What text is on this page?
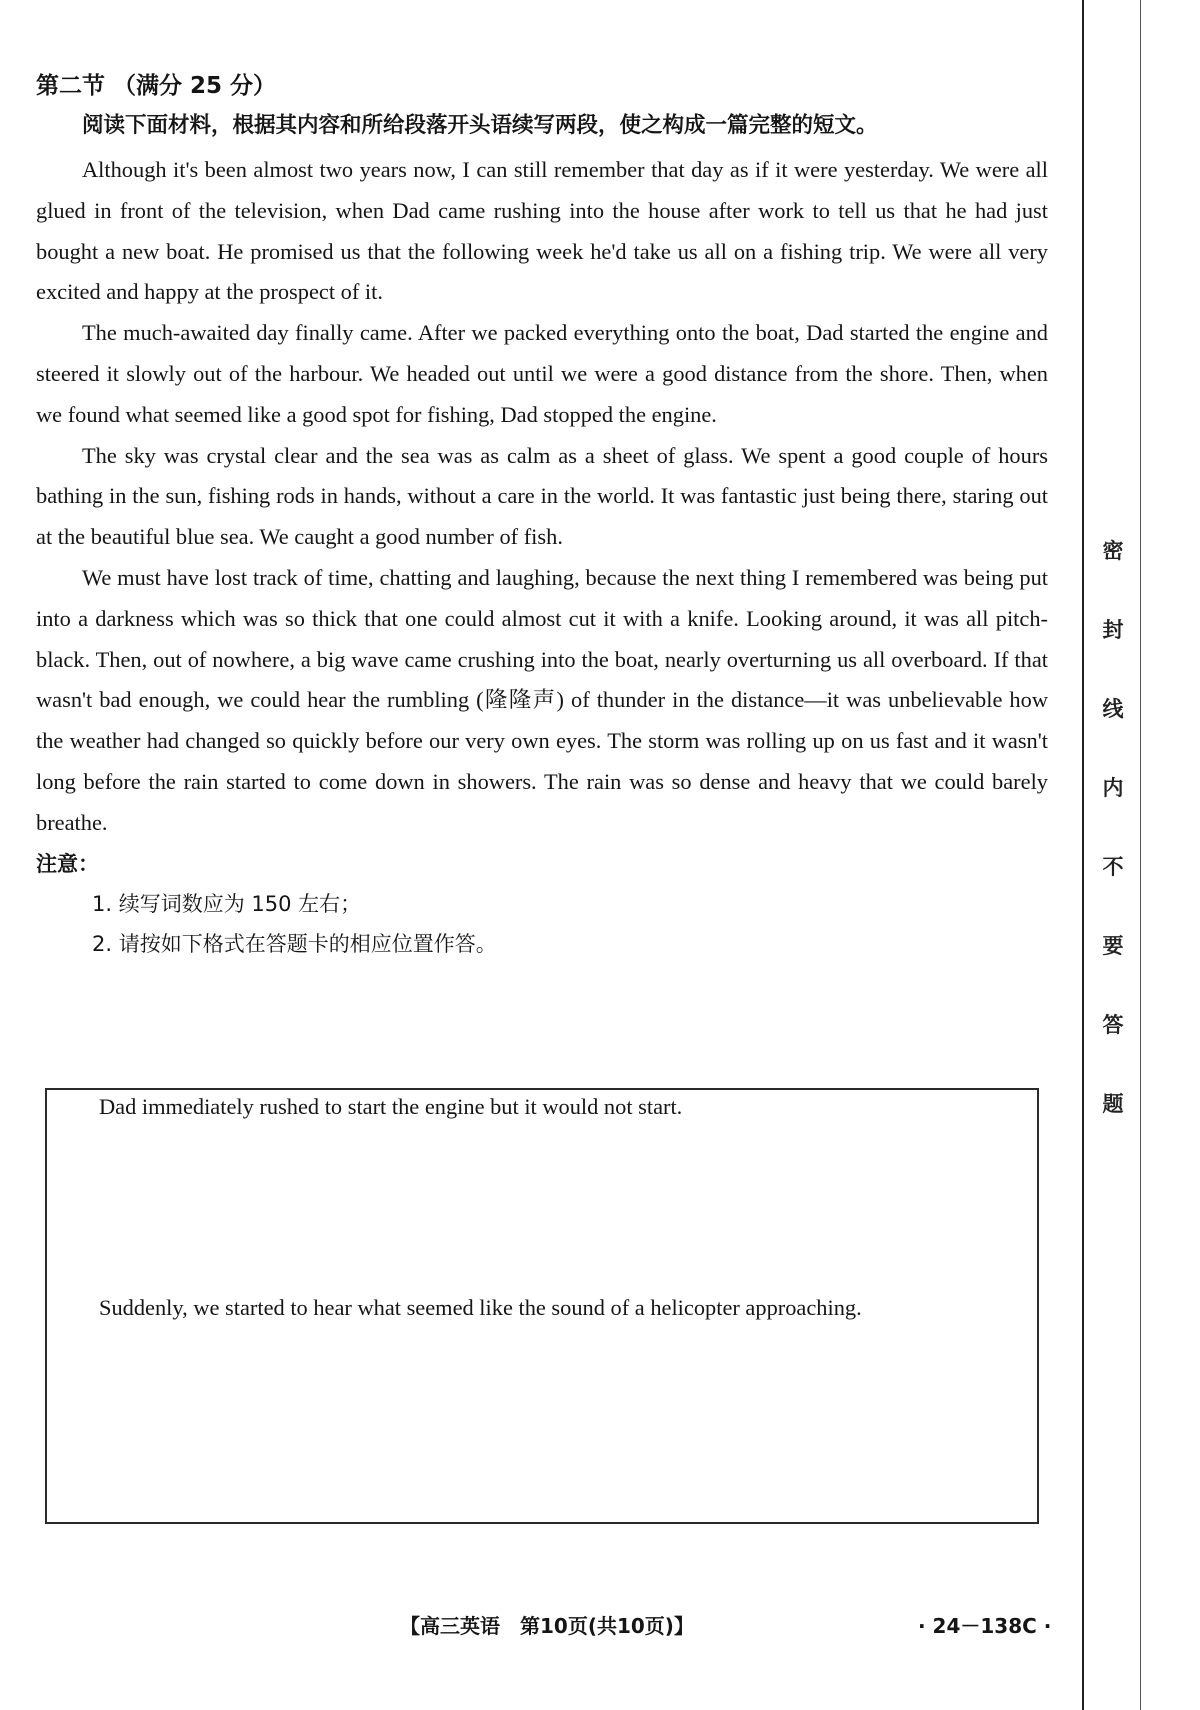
密
封
线
内
不
要
答
题

第二节 （满分 25 分）

阅读下面材料，根据其内容和所给段落开头语续写两段，使之构成一篇完整的短文。

Although it's been almost two years now, I can still remember that day as if it were yesterday. We were all glued in front of the television, when Dad came rushing into the house after work to tell us that he had just bought a new boat. He promised us that the following week he'd take us all on a fishing trip. We were all very excited and happy at the prospect of it.

The much-awaited day finally came. After we packed everything onto the boat, Dad started the engine and steered it slowly out of the harbour. We headed out until we were a good distance from the shore. Then, when we found what seemed like a good spot for fishing, Dad stopped the engine.

The sky was crystal clear and the sea was as calm as a sheet of glass. We spent a good couple of hours bathing in the sun, fishing rods in hands, without a care in the world. It was fantastic just being there, staring out at the beautiful blue sea. We caught a good number of fish.

We must have lost track of time, chatting and laughing, because the next thing I remembered was being put into a darkness which was so thick that one could almost cut it with a knife. Looking around, it was all pitch-black. Then, out of nowhere, a big wave came crushing into the boat, nearly overturning us all overboard. If that wasn't bad enough, we could hear the rumbling (隆隆声) of thunder in the distance—it was unbelievable how the weather had changed so quickly before our very own eyes. The storm was rolling up on us fast and it wasn't long before the rain started to come down in showers. The rain was so dense and heavy that we could barely breathe.

注意：

1. 续写词数应为 150 左右；

2. 请按如下格式在答题卡的相应位置作答。

Dad immediately rushed to start the engine but it would not start.

Suddenly, we started to hear what seemed like the sound of a helicopter approaching.

【高三英语　第10页(共10页)】	· 24－138C ·
